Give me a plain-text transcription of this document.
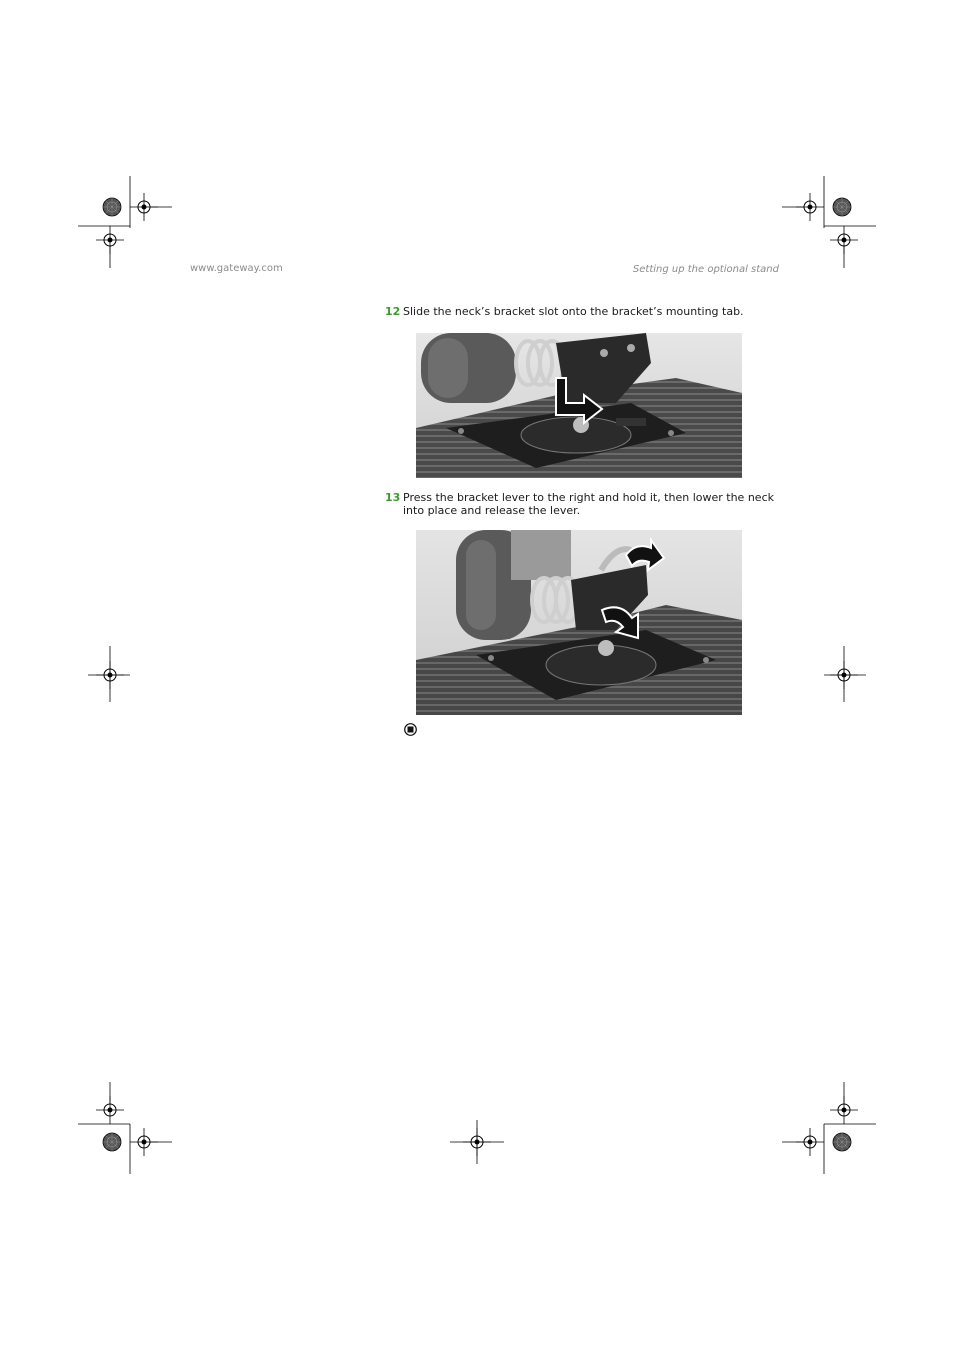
www.gateway.com	Setting up the optional stand
12 Slide the neck’s bracket slot onto the bracket’s mounting tab.
13 Press the bracket lever to the right and hold it, then lower the neck into place and release the lever.
